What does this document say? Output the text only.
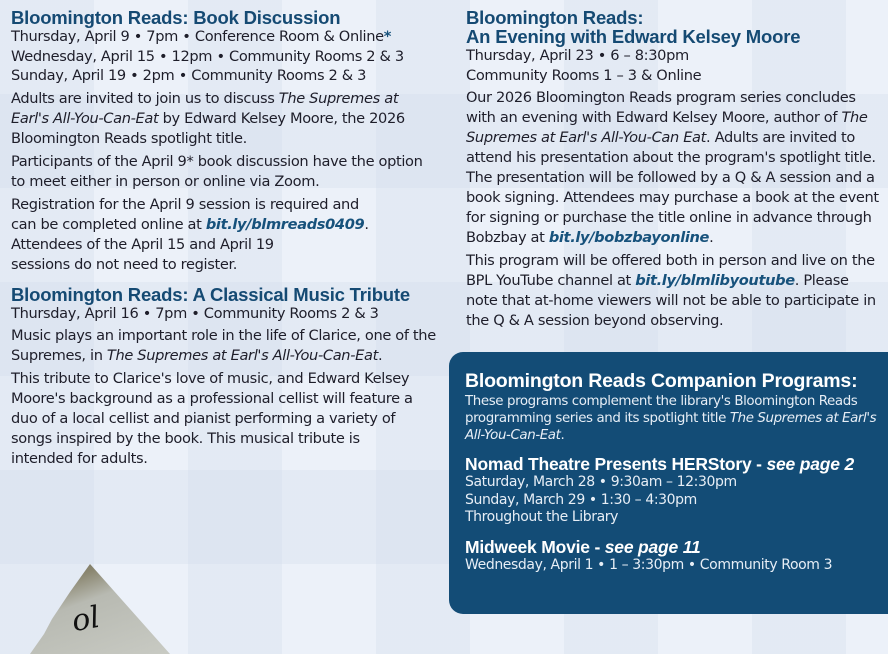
Bloomington Reads: Book Discussion
Thursday, April 9 • 7pm • Conference Room & Online*
Wednesday, April 15 • 12pm • Community Rooms 2 & 3
Sunday, April 19 • 2pm • Community Rooms 2 & 3

Adults are invited to join us to discuss The Supremes at Earl's All-You-Can-Eat by Edward Kelsey Moore, the 2026 Bloomington Reads spotlight title.

Participants of the April 9* book discussion have the option to meet either in person or online via Zoom.

Registration for the April 9 session is required and can be completed online at bit.ly/blmreads0409.
Attendees of the April 15 and April 19
sessions do not need to register.

Bloomington Reads: A Classical Music Tribute
Thursday, April 16 • 7pm • Community Rooms 2 & 3

Music plays an important role in the life of Clarice, one of the Supremes, in The Supremes at Earl's All-You-Can-Eat.

This tribute to Clarice's love of music, and Edward Kelsey Moore's background as a professional cellist will feature a duo of a local cellist and pianist performing a variety of songs inspired by the book. This musical tribute is intended for adults.

Bloomington Reads:
An Evening with Edward Kelsey Moore
Thursday, April 23 • 6 – 8:30pm
Community Rooms 1 – 3 & Online

Our 2026 Bloomington Reads program series concludes with an evening with Edward Kelsey Moore, author of The Supremes at Earl's All-You-Can Eat. Adults are invited to attend his presentation about the program's spotlight title. The presentation will be followed by a Q & A session and a book signing. Attendees may purchase a book at the event for signing or purchase the title online in advance through Bobzbay at bit.ly/bobzbayonline.

This program will be offered both in person and live on the BPL YouTube channel at bit.ly/blmlibyoutube. Please note that at-home viewers will not be able to participate in the Q & A session beyond observing.

Bloomington Reads Companion Programs:
These programs complement the library's Bloomington Reads programming series and its spotlight title The Supremes at Earl's All-You-Can-Eat.
Nomad Theatre Presents HERStory - see page 2
Saturday, March 28 • 9:30am – 12:30pm
Sunday, March 29 • 1:30 – 4:30pm
Throughout the Library
Midweek Movie - see page 11
Wednesday, April 1 • 1 – 3:30pm • Community Room 3
ol
